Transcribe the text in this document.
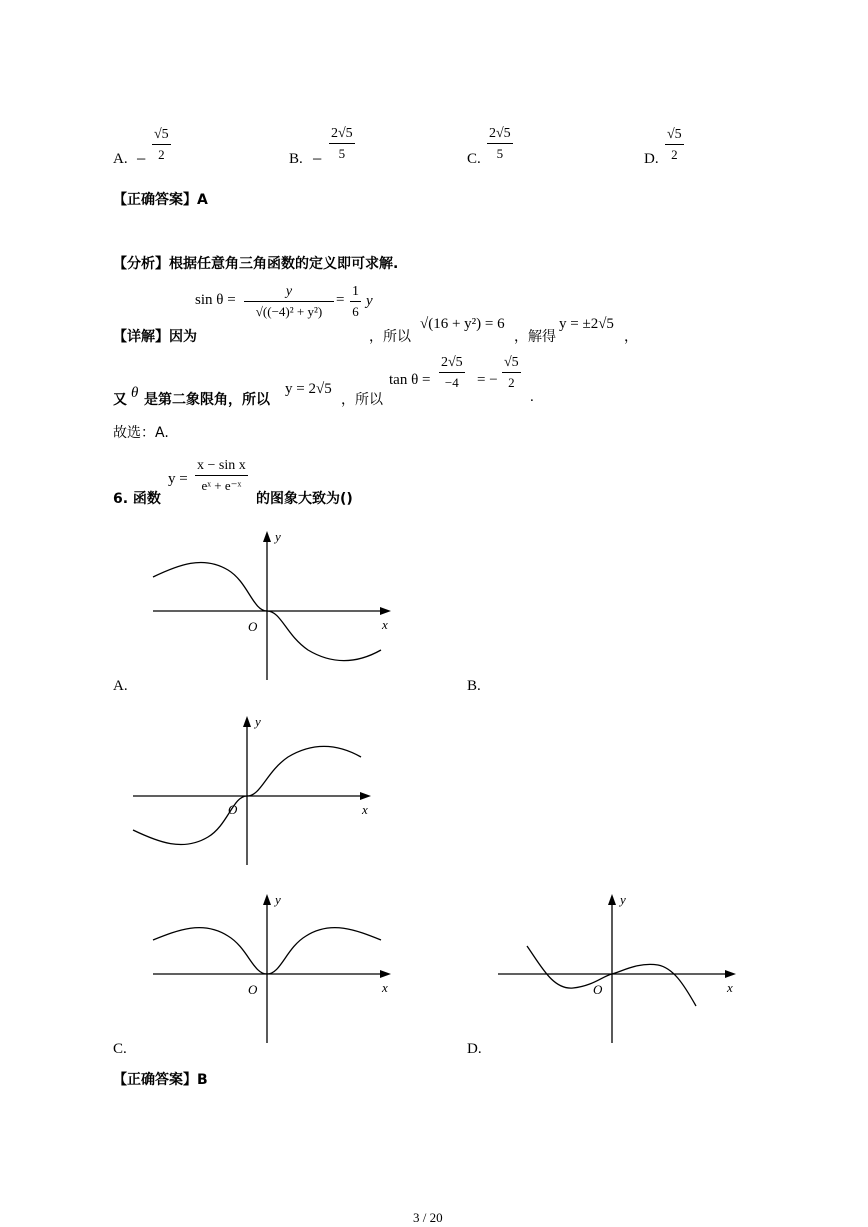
A. − $\frac{√5}{2}$	B. − $\frac{2√5}{5}$	C. $\frac{2√5}{5}$	D. $\frac{√5}{2}$
【正确答案】A
【分析】根据任意角三角函数的定义即可求解.
【详解】因为
$\sin \theta = \frac{y}{\text{√((−4)² + y²)}} = \frac{1}{6}$ y
，所以
√(16 + y²) = 6
，解得
y = ±2√5
，
又 θ 是第二象限角，所以
y = 2√5
，所以
$\tan \theta = \frac{2√5}{-4}$ = − $\frac{√5}{2}$
.
故选：A.
6. 函数
$y = \frac{\text{x − sin x}}{\text{eˣ + e⁻ˣ}}$
的图象大致为()
y
x
O
A.	B.
y
x
O
y
x
O
C.
y
x
O
D.
【正确答案】B
3 / 20
